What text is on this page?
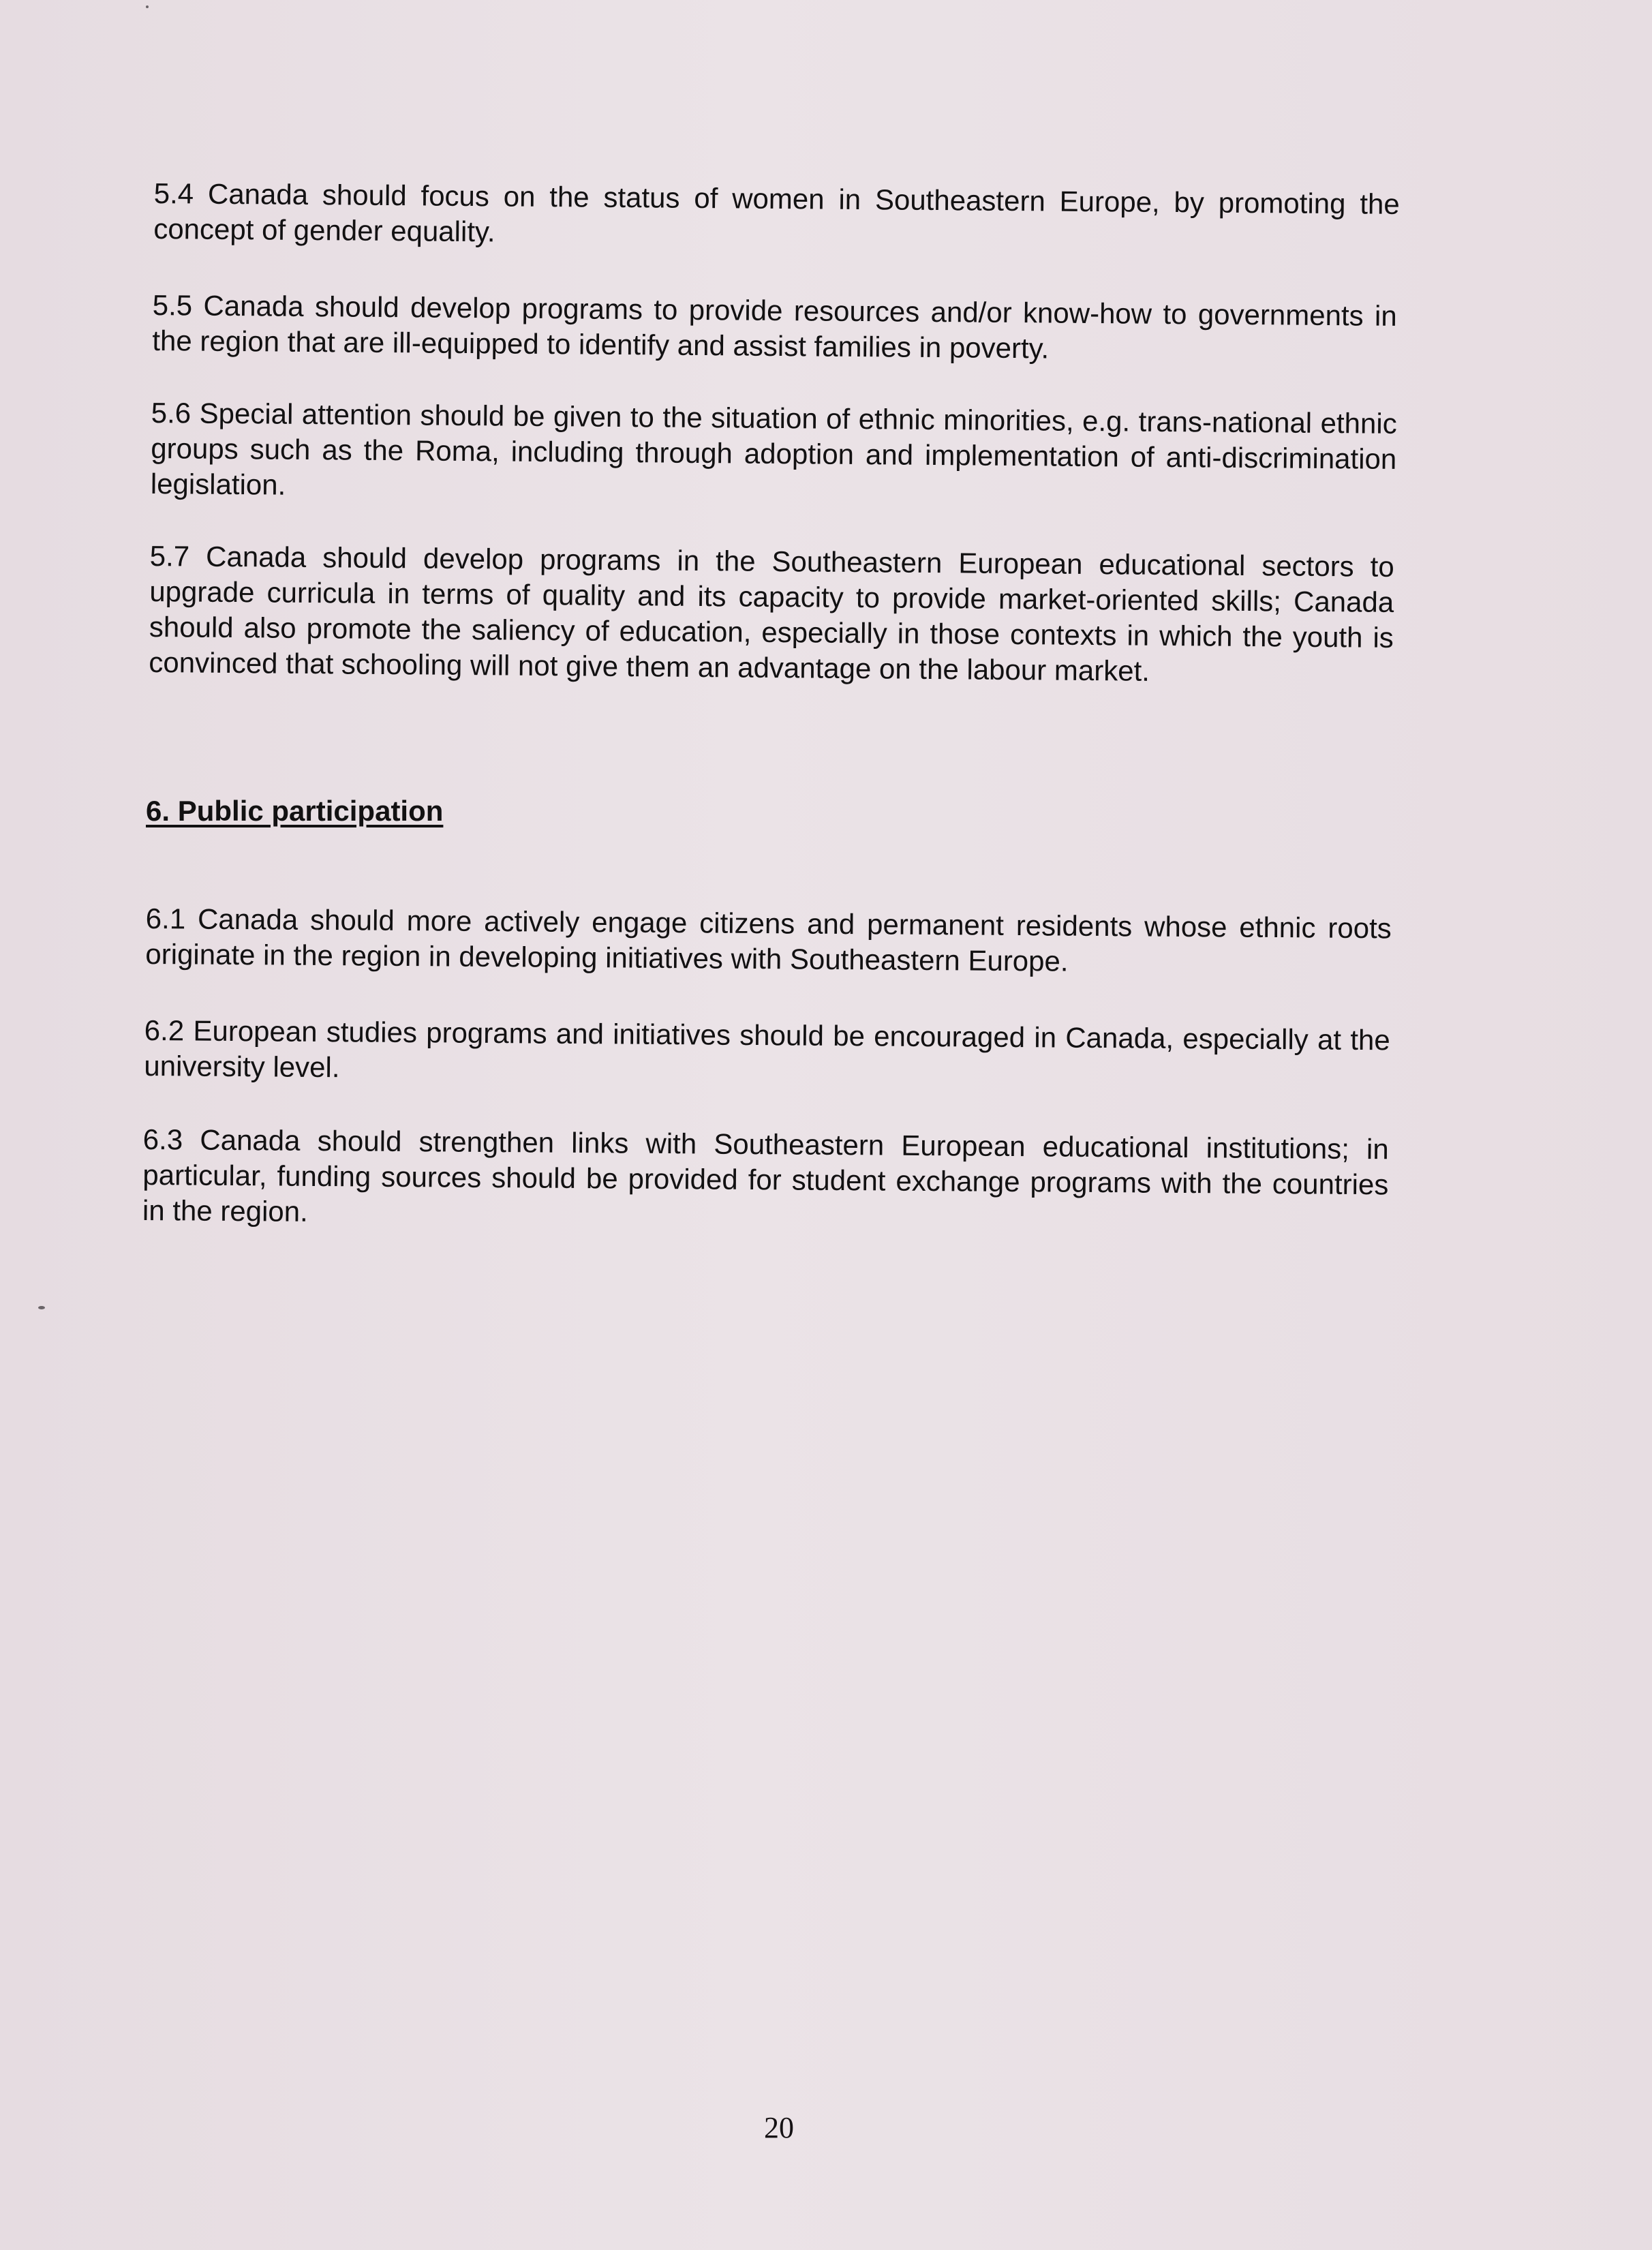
5.4 Canada should focus on the status of women in Southeastern Europe, by promoting the concept of gender equality.

5.5 Canada should develop programs to provide resources and/or know-how to governments in the region that are ill-equipped to identify and assist families in poverty.

5.6 Special attention should be given to the situation of ethnic minorities, e.g. trans-national ethnic groups such as the Roma, including through adoption and implementation of anti-discrimination legislation.

5.7 Canada should develop programs in the Southeastern European educational sectors to upgrade curricula in terms of quality and its capacity to provide market-oriented skills; Canada should also promote the saliency of education, especially in those contexts in which the youth is convinced that schooling will not give them an advantage on the labour market.

6. Public participation

6.1 Canada should more actively engage citizens and permanent residents whose ethnic roots originate in the region in developing initiatives with Southeastern Europe.

6.2 European studies programs and initiatives should be encouraged in Canada, especially at the university level.

6.3 Canada should strengthen links with Southeastern European educational institutions; in particular, funding sources should be provided for student exchange programs with the countries in the region.

20
